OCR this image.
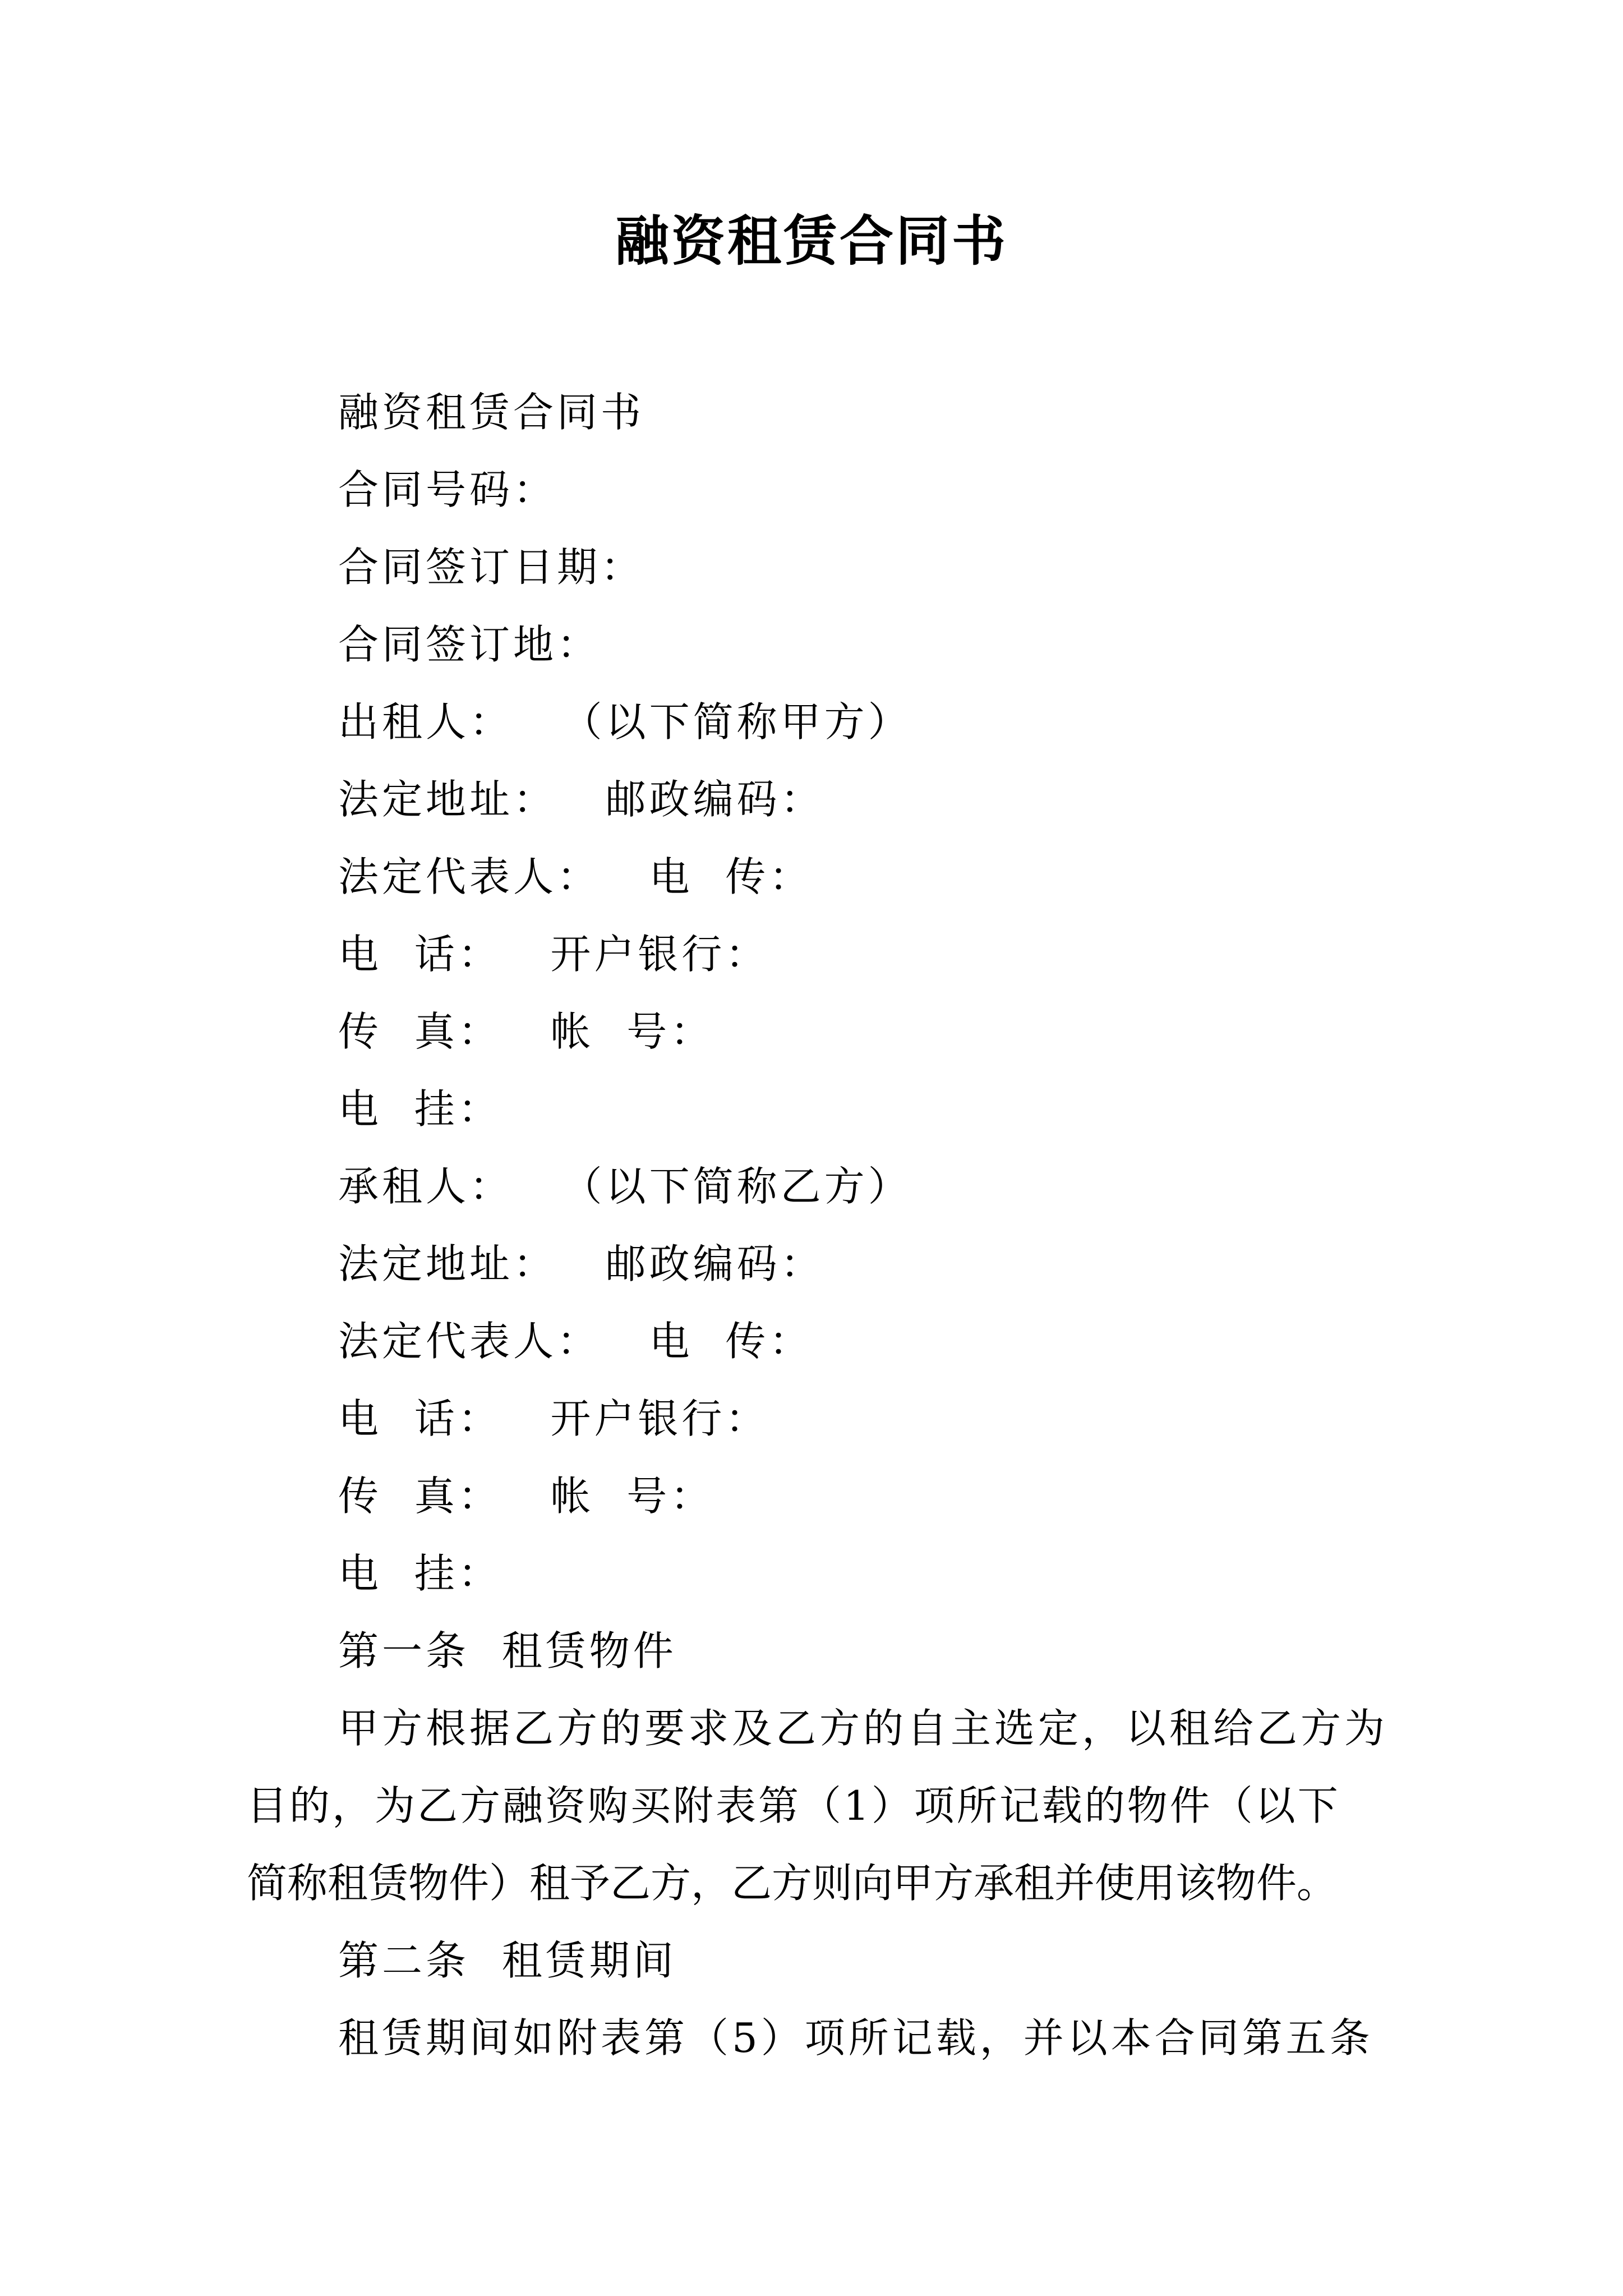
融资租赁合同书
融资租赁合同书
合同号码：
合同签订日期：
合同签订地：
出租人：   （以下简称甲方）
法定地址：   邮政编码：
法定代表人：   电  传：
电  话：   开户银行：
传  真：   帐  号：
电  挂：
承租人：   （以下简称乙方）
法定地址：   邮政编码：
法定代表人：   电  传：
电  话：   开户银行：
传  真：   帐  号：
电  挂：
第一条  租赁物件
甲方根据乙方的要求及乙方的自主选定，以租给乙方为
目的，为乙方融资购买附表第（1）项所记载的物件（以下
简称租赁物件）租予乙方，乙方则向甲方承租并使用该物件。
第二条  租赁期间
租赁期间如附表第（5）项所记载，并以本合同第五条
